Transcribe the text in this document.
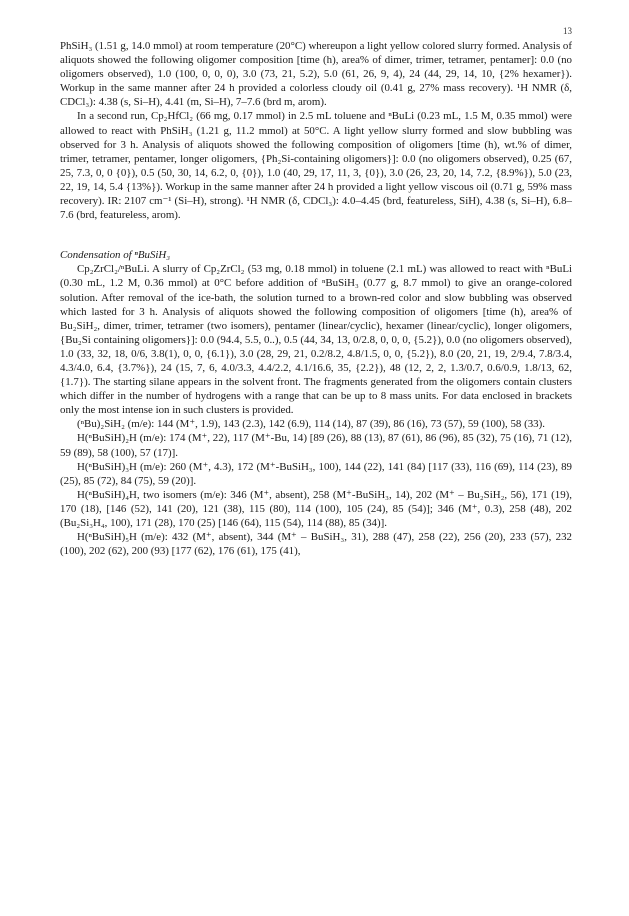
13

PhSiH₃ (1.51 g, 14.0 mmol) at room temperature (20°C) whereupon a light yellow colored slurry formed. Analysis of aliquots showed the following oligomer composition [time (h), area% of dimer, trimer, tetramer, pentamer]: 0.0 (no oligomers observed), 1.0 (100, 0, 0, 0), 3.0 (73, 21, 5.2), 5.0 (61, 26, 9, 4), 24 (44, 29, 14, 10, {2% hexamer}). Workup in the same manner after 24 h provided a colorless cloudy oil (0.41 g, 27% mass recovery). ¹H NMR (δ, CDCl₃): 4.38 (s, Si–H), 4.41 (m, Si–H), 7–7.6 (brd m, arom).

In a second run, Cp₂HfCl₂ (66 mg, 0.17 mmol) in 2.5 mL toluene and ⁿBuLi (0.23 mL, 1.5 M, 0.35 mmol) were allowed to react with PhSiH₃ (1.21 g, 11.2 mmol) at 50°C. A light yellow slurry formed and slow bubbling was observed for 3 h. Analysis of aliquots showed the following composition of oligomers [time (h), wt.% of dimer, trimer, tetramer, pentamer, longer oligomers, {Ph₂Si-containing oligomers}]: 0.0 (no oligomers observed), 0.25 (67, 25, 7.3, 0, 0 {0}), 0.5 (50, 30, 14, 6.2, 0, {0}), 1.0 (40, 29, 17, 11, 3, {0}), 3.0 (26, 23, 20, 14, 7.2, {8.9%}), 5.0 (23, 22, 19, 14, 5.4 {13%}). Workup in the same manner after 24 h provided a light yellow viscous oil (0.71 g, 59% mass recovery). IR: 2107 cm⁻¹ (Si–H), strong). ¹H NMR (δ, CDCl₃): 4.0–4.45 (brd, featureless, SiH), 4.38 (s, Si–H), 6.8–7.6 (brd, featureless, arom).

Condensation of ⁿBuSiH₃

Cp₂ZrCl₂/ⁿBuLi. A slurry of Cp₂ZrCl₂ (53 mg, 0.18 mmol) in toluene (2.1 mL) was allowed to react with ⁿBuLi (0.30 mL, 1.2 M, 0.36 mmol) at 0°C before addition of ⁿBuSiH₃ (0.77 g, 8.7 mmol) to give an orange-colored solution. After removal of the ice-bath, the solution turned to a brown-red color and slow bubbling was observed which lasted for 3 h. Analysis of aliquots showed the following composition of oligomers [time (h), area% of Bu₂SiH₂, dimer, trimer, tetramer (two isomers), pentamer (linear/cyclic), hexamer (linear/cyclic), longer oligomers, {Bu₂Si containing oligomers}]: 0.0 (94.4, 5.5, 0..), 0.5 (44, 34, 13, 0/2.8, 0, 0, 0, {5.2}), 0.0 (no oligomers observed), 1.0 (33, 32, 18, 0/6, 3.8(1), 0, 0, {6.1}), 3.0 (28, 29, 21, 0.2/8.2, 4.8/1.5, 0, 0, {5.2}), 8.0 (20, 21, 19, 2/9.4, 7.8/3.4, 4.3/4.0, 6.4, {3.7%}), 24 (15, 7, 6, 4.0/3.3, 4.4/2.2, 4.1/16.6, 35, {2.2}), 48 (12, 2, 2, 1.3/0.7, 0.6/0.9, 1.8/13, 62, {1.7}). The starting silane appears in the solvent front. The fragments generated from the oligomers contain clusters which differ in the number of hydrogens with a range that can be up to 8 mass units. For data enclosed in brackets only the most intense ion in such clusters is provided.

(ⁿBu)₂SiH₂ (m/e): 144 (M⁺, 1.9), 143 (2.3), 142 (6.9), 114 (14), 87 (39), 86 (16), 73 (57), 59 (100), 58 (33).

H(ⁿBuSiH)₂H (m/e): 174 (M⁺, 22), 117 (M⁺-Bu, 14) [89 (26), 88 (13), 87 (61), 86 (96), 85 (32), 75 (16), 71 (12), 59 (89), 58 (100), 57 (17)].

H(ⁿBuSiH)₃H (m/e): 260 (M⁺, 4.3), 172 (M⁺-BuSiH₃, 100), 144 (22), 141 (84) [117 (33), 116 (69), 114 (23), 89 (25), 85 (72), 84 (75), 59 (20)].

H(ⁿBuSiH)₄H, two isomers (m/e): 346 (M⁺, absent), 258 (M⁺-BuSiH₃, 14), 202 (M⁺ – Bu₂SiH₂, 56), 171 (19), 170 (18), [146 (52), 141 (20), 121 (38), 115 (80), 114 (100), 105 (24), 85 (54)]; 346 (M⁺, 0.3), 258 (48), 202 (Bu₂Si₃H₄, 100), 171 (28), 170 (25) [146 (64), 115 (54), 114 (88), 85 (34)].

H(ⁿBuSiH)₅H (m/e): 432 (M⁺, absent), 344 (M⁺ – BuSiH₃, 31), 288 (47), 258 (22), 256 (20), 233 (57), 232 (100), 202 (62), 200 (93) [177 (62), 176 (61), 175 (41),
